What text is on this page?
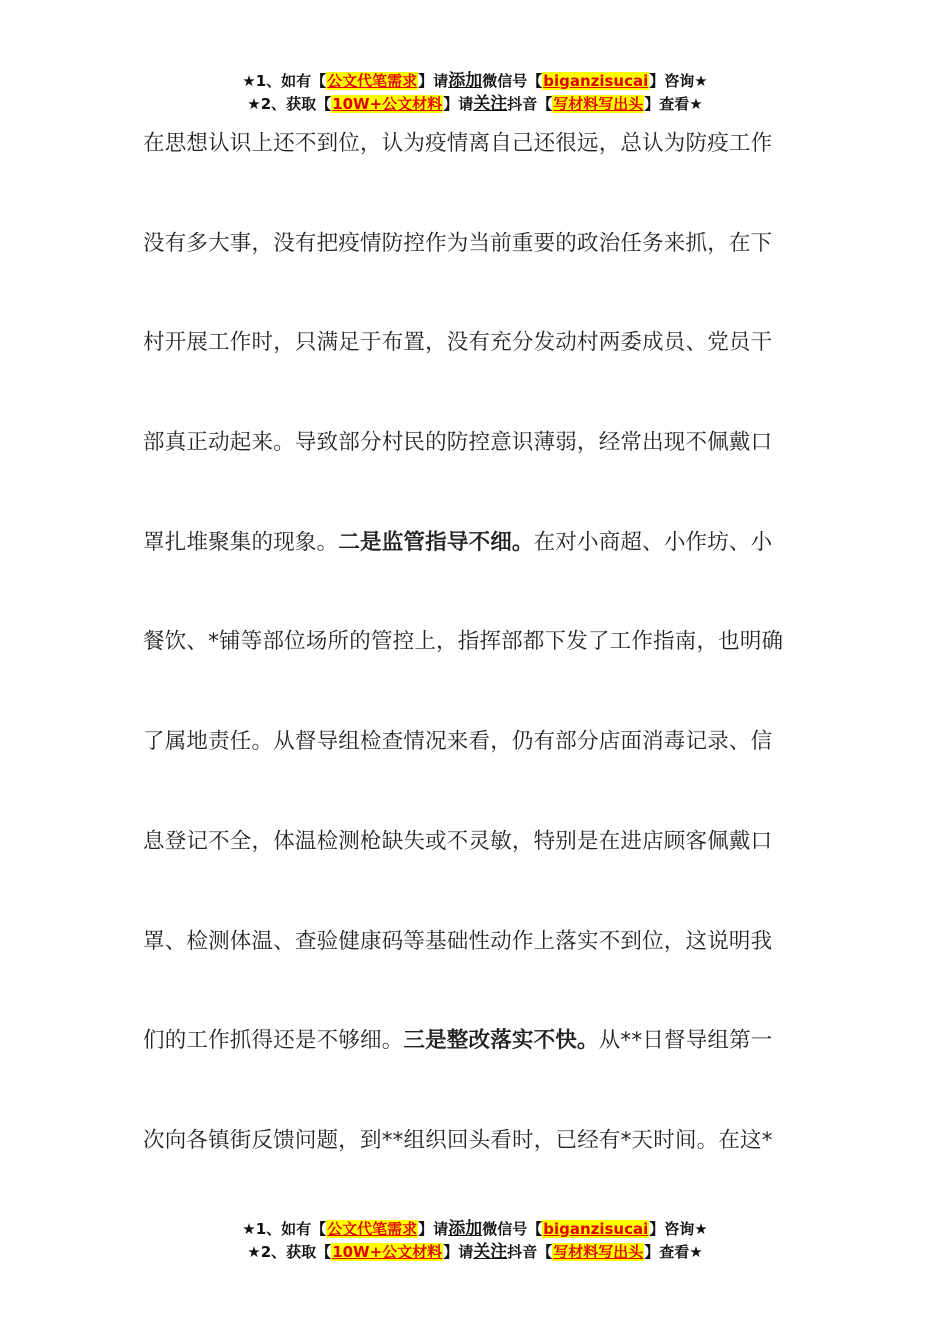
★1、如有【公文代笔需求】请添加微信号【biganzisucai】咨询★
★2、获取【10W+公文材料】请关注抖音【写材料写出头】查看★
在思想认识上还不到位，认为疫情离自己还很远，总认为防疫工作
没有多大事，没有把疫情防控作为当前重要的政治任务来抓，在下
村开展工作时，只满足于布置，没有充分发动村两委成员、党员干
部真正动起来。导致部分村民的防控意识薄弱，经常出现不佩戴口
罩扎堆聚集的现象。二是监管指导不细。在对小商超、小作坊、小
餐饮、*铺等部位场所的管控上，指挥部都下发了工作指南，也明确
了属地责任。从督导组检查情况来看，仍有部分店面消毒记录、信
息登记不全，体温检测枪缺失或不灵敏，特别是在进店顾客佩戴口
罩、检测体温、查验健康码等基础性动作上落实不到位，这说明我
们的工作抓得还是不够细。三是整改落实不快。从**日督导组第一
次向各镇街反馈问题，到**组织回头看时，已经有*天时间。在这*
★1、如有【公文代笔需求】请添加微信号【biganzisucai】咨询★
★2、获取【10W+公文材料】请关注抖音【写材料写出头】查看★
